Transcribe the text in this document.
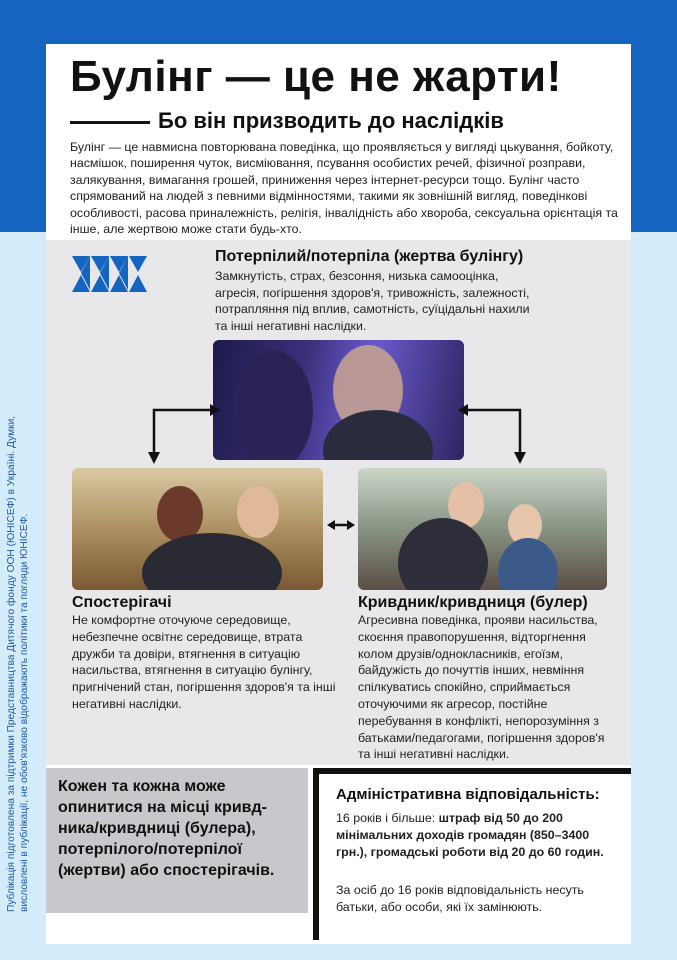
Булінг — це не жарти!
Бо він призводить до наслідків
Булінг — це навмисна повторювана поведінка, що проявляється у вигляді цькування, бойкоту, насмішок, поширення чуток, висміювання, псування особистих речей, фізичної розправи, залякування, вимагання грошей, приниження через інтернет-ресурси тощо. Булінг часто спрямований на людей з певними відмінностями, такими як зовнішній вигляд, поведінкові особливості, расова приналежність, релігія, інвалідність або хвороба, сексуальна орієнтація та інше, але жертвою може стати будь-хто.
Потерпілий/потерпіла (жертва булінгу)
Замкнутість, страх, безсоння, низька самооцінка, агресія, погіршення здоров'я, тривожність, залежності, потрапляння під вплив, самотність, суїцідальні нахили та інші негативні наслідки.
Спостерігачі
Не комфортне оточуюче середовище, небезпечне освітнє середовище, втрата дружби та довіри, втягнення в ситуацію насильства, втягнення в ситуацію булінгу, пригнічений стан, погіршення здоров'я та інші негативні наслідки.
Кривдник/кривдниця (булер)
Агресивна поведінка, прояви насильства, скоєння правопорушення, відторгнення колом друзів/однокласників, егоїзм, байдужість до почуттів інших, невміння спілкуватись спокійно, сприймається оточуючими як агресор, постійне перебування в конфлікті, непорозуміння з батьками/педагогами, погіршення здоров'я та інші негативні наслідки.
Кожен та кожна може опинитися на місці кривд-ника/кривдниці (булера), потерпілого/потерпілої (жертви) або спостерігачів.
Адміністративна відповідальність:
16 років і більше: штраф від 50 до 200 мінімальних доходів громадян (850–3400 грн.), громадські роботи від 20 до 60 годин.
За осіб до 16 років відповідальність несуть батьки, або особи, які їх замінюють.
Публікація підготовлена за підтримки Представництва Дитячого фонду ООН (ЮНІСЕФ) в Україні. Думки, висловлені в публікації, не обов'язково відображають політики та погляди ЮНІСЕФ.
